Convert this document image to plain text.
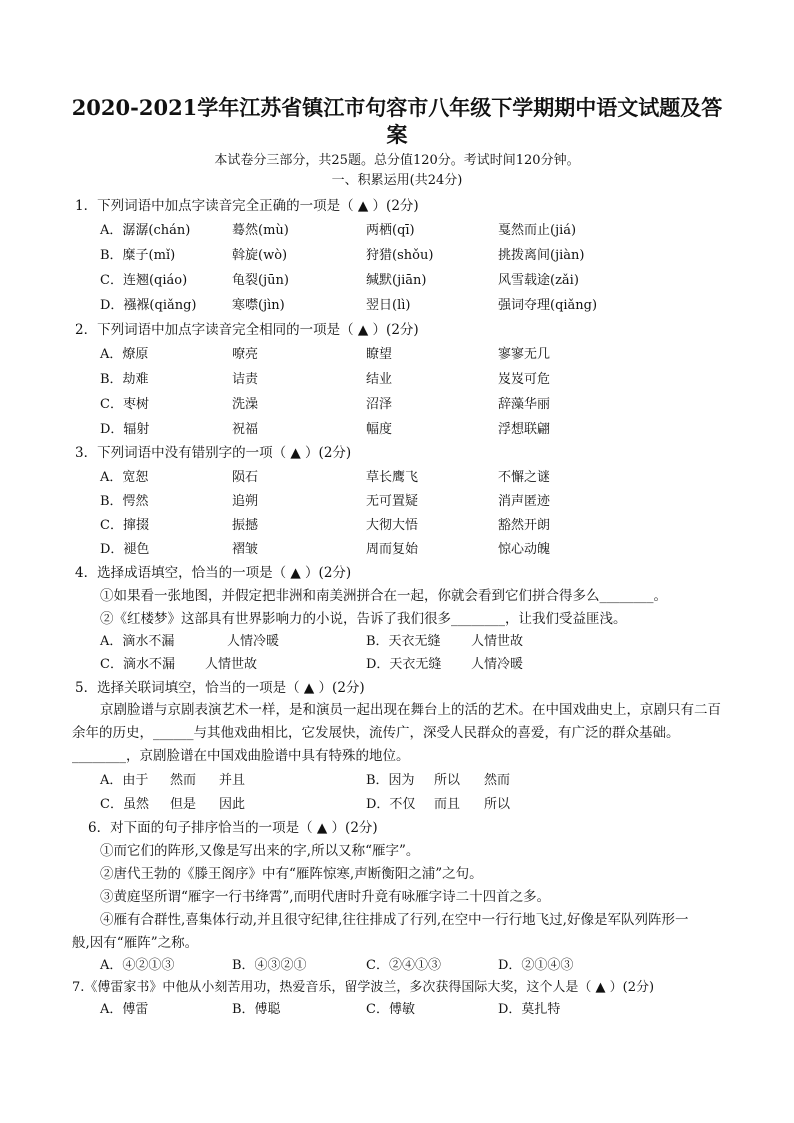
2020-2021学年江苏省镇江市句容市八年级下学期期中语文试题及答
案
本试卷分三部分，共25题。总分值120分。考试时间120分钟。
一、积累运用(共24分)
1．下列词语中加点字读音完全正确的一项是（ ▲ ）(2分)
A．潺潺(chán)	蓦然(mù)	两栖(qī)	戛然而止(jiá)
B．糜子(mǐ)	斡旋(wò)	狩猎(shǒu)	挑拨离间(jiàn)
C．连翘(qiáo)	龟裂(jūn)	缄默(jiān)	风雪载途(zǎi)
D．襁褓(qiǎng)	寒噤(jìn)	翌日(lì)	强词夺理(qiǎng)
2．下列词语中加点字读音完全相同的一项是（ ▲ ）(2分)
A．燎原	嘹亮	瞭望	寥寥无几
B．劫难	诘责	结业	岌岌可危
C．枣树	洗澡	沼泽	辞藻华丽
D．辐射	祝福	幅度	浮想联翩
3．下列词语中没有错别字的一项（ ▲ ）(2分)
A．宽恕	陨石	草长鹰飞	不懈之谜
B．愕然	追朔	无可置疑	消声匿迹
C．撺掇	振撼	大彻大悟	豁然开朗
D．褪色	褶皱	周而复始	惊心动魄
4．选择成语填空，恰当的一项是（ ▲ ）(2分)
①如果看一张地图，并假定把非洲和南美洲拼合在一起，你就会看到它们拼合得多么________。
②《红楼梦》这部具有世界影响力的小说，告诉了我们很多________，让我们受益匪浅。
A．滴水不漏	人情冷暖	B．天衣无缝 人情世故
C．滴水不漏 人情世故	D．天衣无缝 人情冷暖
5．选择关联词填空，恰当的一项是（ ▲ ）(2分)
京剧脸谱与京剧表演艺术一样，是和演员一起出现在舞台上的活的艺术。在中国戏曲史上，京剧只有二百余年的历史，______与其他戏曲相比，它发展快，流传广，深受人民群众的喜爱，有广泛的群众基础。________，京剧脸谱在中国戏曲脸谱中具有特殊的地位。
A．由于 然而 并且	B．因为 所以 然而
C．虽然 但是 因此	D．不仅 而且 所以
6．对下面的句子排序恰当的一项是（ ▲ ）(2分)
①而它们的阵形,又像是写出来的字,所以又称“雁字”。
②唐代王勃的《滕王阁序》中有“雁阵惊寒,声断衡阳之浦”之句。
③黄庭坚所谓“雁字一行书绛霄”,而明代唐时升竟有咏雁字诗二十四首之多。
④雁有合群性,喜集体行动,并且很守纪律,往往排成了行列,在空中一行行地飞过,好像是军队列阵形一
般,因有“雁阵”之称。
A．④②①③	B．④③②①	C．②④①③	D．②①④③
7.《傅雷家书》中他从小刻苦用功，热爱音乐，留学波兰，多次获得国际大奖，这个人是（ ▲ ）(2分)
A．傅雷	B．傅聪	C．傅敏	D．莫扎特
